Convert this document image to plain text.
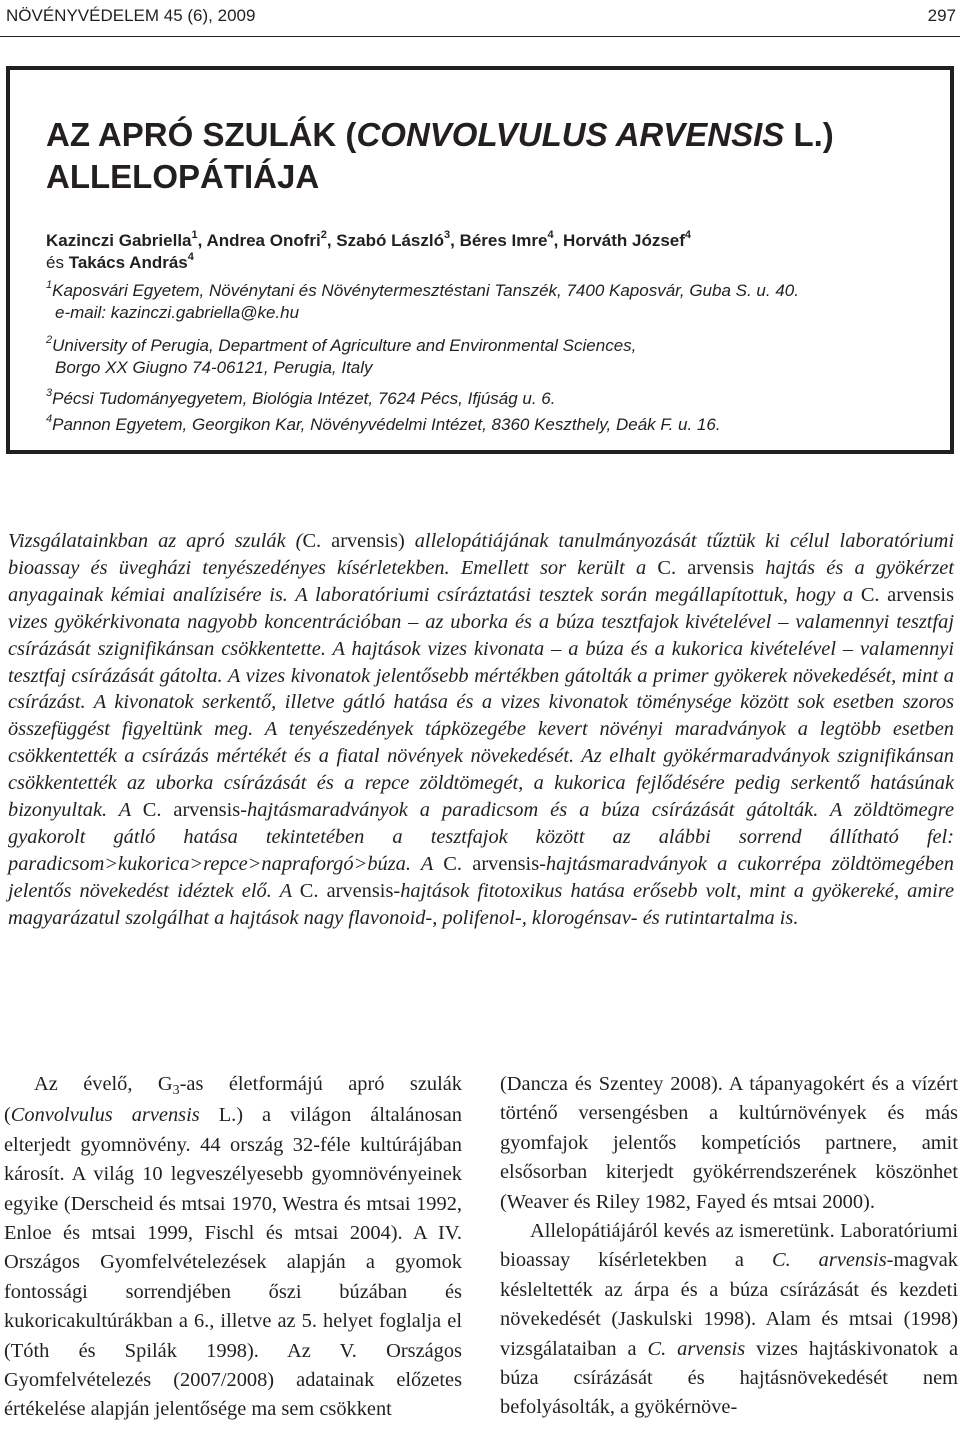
NÖVÉNYVÉDELEM 45 (6), 2009	297
AZ APRÓ SZULÁK (CONVOLVULUS ARVENSIS L.)
ALLELOPÁTIÁJA

Kazinczi Gabriella$^1$, Andrea Onofri$^2$, Szabó László$^3$, Béres Imre$^4$, Horváth József$^4$
és Takács András$^4$

$^1$Kaposvári Egyetem, Növénytani és Növénytermesztéstani Tanszék, 7400 Kaposvár, Guba S. u. 40.
e-mail: kazinczi.gabriella@ke.hu

$^2$University of Perugia, Department of Agriculture and Environmental Sciences,
Borgo XX Giugno 74-06121, Perugia, Italy

$^3$Pécsi Tudományegyetem, Biológia Intézet, 7624 Pécs, Ifjúság u. 6.

$^4$Pannon Egyetem, Georgikon Kar, Növényvédelmi Intézet, 8360 Keszthely, Deák F. u. 16.

Vizsgálatainkban az apró szulák (C. arvensis) allelopátiájának tanulmányozását tűztük ki célul laboratóriumi bioassay és üvegházi tenyészedényes kísérletekben. Emellett sor került a C. arvensis hajtás és a gyökérzet anyagainak kémiai analízisére is. A laboratóriumi csíráztatási tesztek során megállapítottuk, hogy a C. arvensis vizes gyökérkivonata nagyobb koncentrációban – az uborka és a búza tesztfajok kivételével – valamennyi tesztfaj csírázását szignifikánsan csökkentette. A hajtások vizes kivonata – a búza és a kukorica kivételével – valamennyi tesztfaj csírázását gátolta. A vizes kivonatok jelentősebb mértékben gátolták a primer gyökerek növekedését, mint a csírázást. A kivonatok serkentő, illetve gátló hatása és a vizes kivonatok töménysége között sok esetben szoros összefüggést figyeltünk meg. A tenyészedények tápközegébe kevert növényi maradványok a legtöbb esetben csökkentették a csírázás mértékét és a fiatal növények növekedését. Az elhalt gyökérmaradványok szignifikánsan csökkentették az uborka csírázását és a repce zöldtömegét, a kukorica fejlődésére pedig serkentő hatásúnak bizonyultak. A C. arvensis-hajtásmaradványok a paradicsom és a búza csírázását gátolták. A zöldtömegre gyakorolt gátló hatása tekintetében a tesztfajok között az alábbi sorrend állítható fel: paradicsom>kukorica>repce>napraforgó>búza. A C. arvensis-hajtásmaradványok a cukorrépa zöldtömegében jelentős növekedést idéztek elő. A C. arvensis-hajtások fitotoxikus hatása erősebb volt, mint a gyökereké, amire magyarázatul szolgálhat a hajtások nagy flavonoid-, polifenol-, klorogénsav- és rutintartalma is.

Az évelő, G3-as életformájú apró szulák (Convolvulus arvensis L.) a világon általánosan elterjedt gyomnövény. 44 ország 32-féle kultúrájában károsít. A világ 10 legveszélyesebb gyomnövényeinek egyike (Derscheid és mtsai 1970, Westra és mtsai 1992, Enloe és mtsai 1999, Fischl és mtsai 2004). A IV. Országos Gyomfelvételezések alapján a gyomok fontossági sorrendjében őszi búzában és kukoricakultúrákban a 6., illetve az 5. helyet foglalja el (Tóth és Spilák 1998). Az V. Országos Gyomfelvételezés (2007/2008) adatainak előzetes értékelése alapján jelentősége ma sem csökkent

(Dancza és Szentey 2008). A tápanyagokért és a vízért történő versengésben a kultúrnövények és más gyomfajok jelentős kompetíciós partnere, amit elsősorban kiterjedt gyökérrendszerének köszönhet (Weaver és Riley 1982, Fayed és mtsai 2000).

Allelopátiájáról kevés az ismeretünk. Laboratóriumi bioassay kísérletekben a C. arvensis-magvak késleltették az árpa és a búza csírázását és kezdeti növekedését (Jaskulski 1998). Alam és mtsai (1998) vizsgálataiban a C. arvensis vizes hajtáskivonatok a búza csírázását és hajtásnövekedését nem befolyásolták, a gyökérnöve-
